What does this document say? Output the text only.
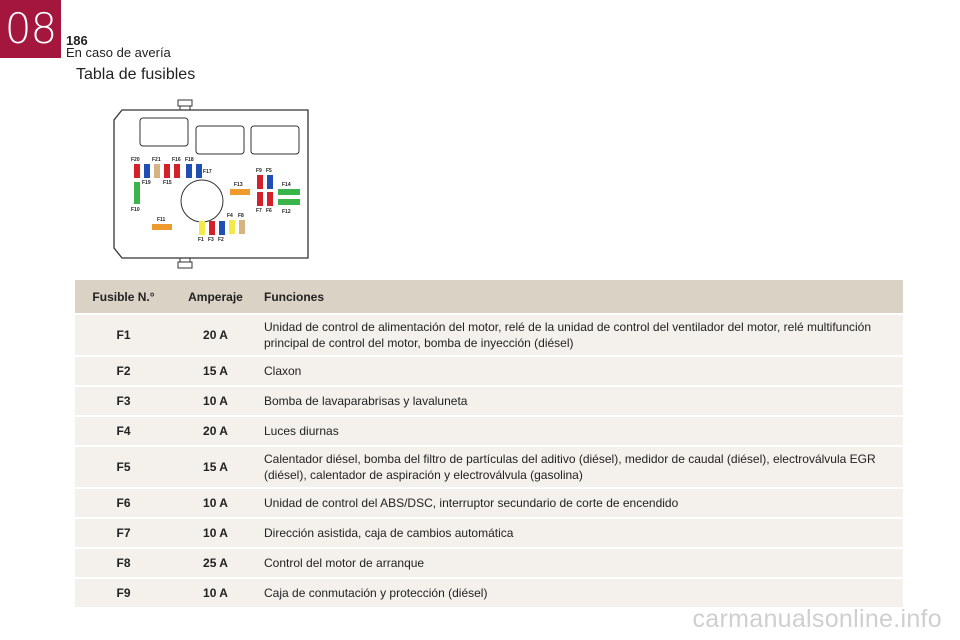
08 186
En caso de avería
Tabla de fusibles
F20 F21 F16 F18
F19 F15
F17
F13
F9 F5
F14
F10	F12
F7 F6
F11
F4 F8
F1 F3 F2
Fusible N.°	Amperaje	Funciones
F1	20 A	Unidad de control de alimentación del motor, relé de la unidad de control del ventilador del motor, relé multifunción principal de control del motor, bomba de inyección (diésel)
F2	15 A	Claxon
F3	10 A	Bomba de lavaparabrisas y lavaluneta
F4	20 A	Luces diurnas
F5	15 A	Calentador diésel, bomba del filtro de partículas del aditivo (diésel), medidor de caudal (diésel), electroválvula EGR (diésel), calentador de aspiración y electroválvula (gasolina)
F6	10 A	Unidad de control del ABS/DSC, interruptor secundario de corte de encendido
F7	10 A	Dirección asistida, caja de cambios automática
F8	25 A	Control del motor de arranque
F9	10 A	Caja de conmutación y protección (diésel)
carmanualsonline.info
